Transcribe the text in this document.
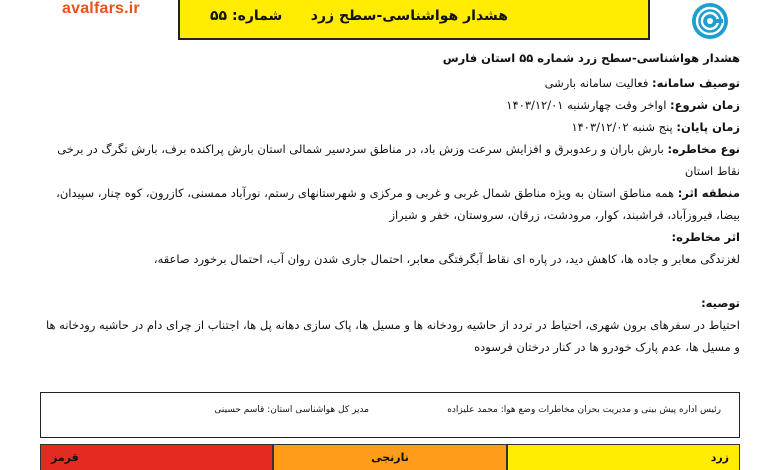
avalfars.ir	هشدار هواشناسی-سطح زرد
شماره: ۵۵
هشدار هواشناسی-سطح زرد شماره ۵۵ استان فارس
توصیف سامانه: فعالیت سامانه بارشی
زمان شروع: اواخر وقت چهارشنبه ۱۴۰۳/۱۲/۰۱
زمان پایان: پنج شنبه ۱۴۰۳/۱۲/۰۲
نوع مخاطره: بارش باران و رعدوبرق و افزایش سرعت وزش باد، در مناطق سردسیر شمالی استان بارش پراکنده برف، بارش تگرگ در برخی نقاط استان
منطقه اثر: همه مناطق استان به ویژه مناطق شمال غربی و غربی و مرکزی و شهرستانهای رستم، نورآباد ممسنی، کازرون، کوه چنار، سپیدان، بیضا، فیروزآباد، فراشبند، کوار، مرودشت، زرقان، سروستان، خفر و شیراز
اثر مخاطره:
لغزندگی معابر و جاده ها، کاهش دید، در پاره ای نقاط آبگرفتگی معابر، احتمال جاری شدن روان آب، احتمال برخورد صاعقه،
توصیه:
احتیاط در سفرهای برون شهری، احتیاط در تردد از حاشیه رودخانه ها و مسیل ها، پاک سازی دهانه پل ها، اجتناب از چرای دام در حاشیه رودخانه ها و مسیل ها، عدم پارک خودرو ها در کنار درختان فرسوده
رئیس اداره پیش بینی و مدیریت بحران مخاطرات وضع هوا: محمد علیزاده
مدیر کل هواشناسی استان: قاسم حسینی
زرد
نارنجی
قرمز
